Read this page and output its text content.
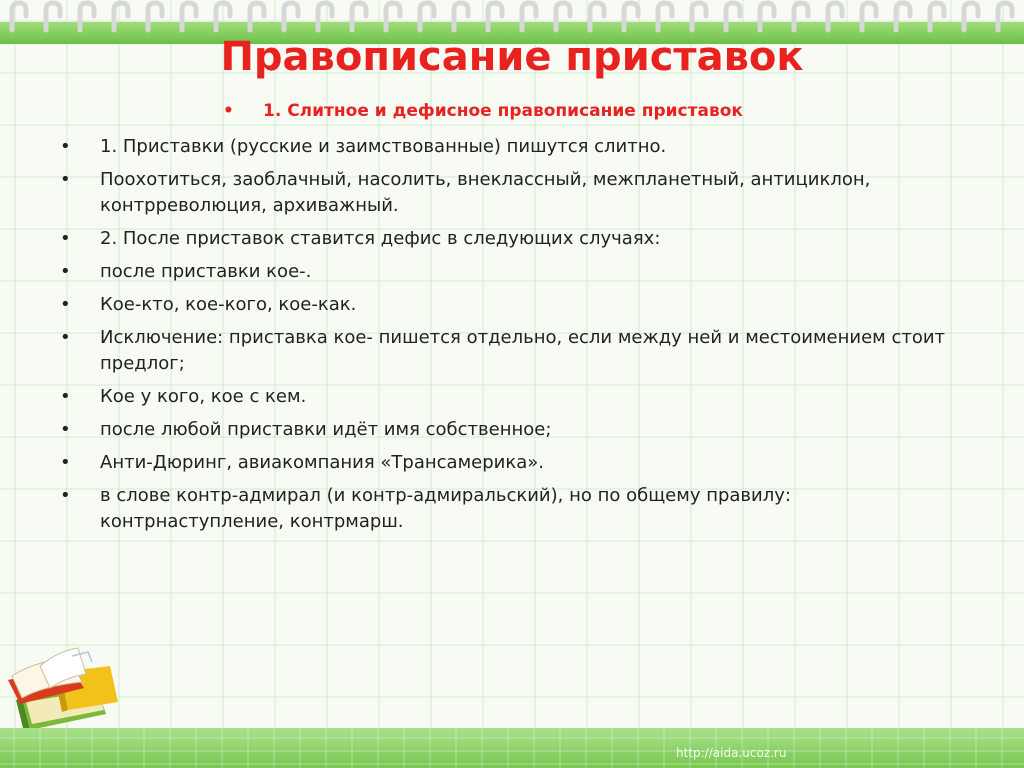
Правописание приставок
•	1. Слитное и дефисное правописание приставок
•	1. Приставки (русские и заимствованные) пишутся слитно.
•	Поохотиться, заоблачный, насолить, внеклассный, межпланетный, антициклон, контрреволюция, архиважный.
•	2. После приставок ставится дефис в следующих случаях:
•	после приставки кое-.
•	Кое-кто, кое-кого, кое-как.
•	Исключение: приставка кое- пишется отдельно, если между ней и местоимением стоит предлог;
•	Кое у кого, кое с кем.
•	после любой приставки идёт имя собственное;
•	Анти-Дюринг, авиакомпания «Трансамерика».
•	в слове контр-адмирал (и контр-адмиральский), но по общему правилу: контрнаступление, контрмарш.
http://aida.ucoz.ru
